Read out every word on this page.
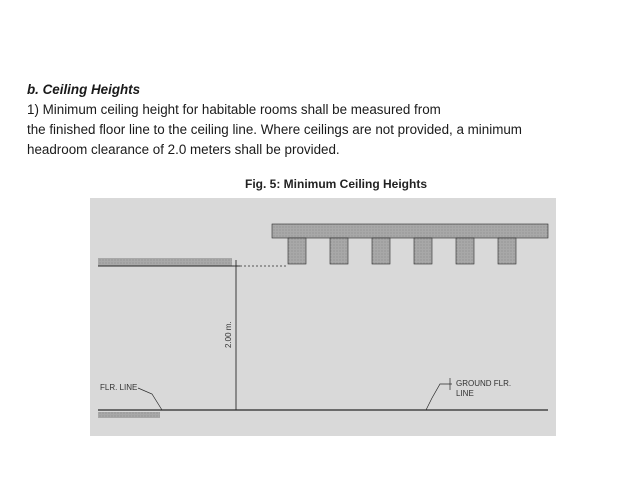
b. Ceiling Heights
1) Minimum ceiling height for habitable rooms shall be measured from
the finished floor line to the ceiling line. Where ceilings are not provided, a minimum
headroom clearance of 2.0 meters shall be provided.
Fig. 5: Minimum Ceiling Heights
2.00 m.
FLR. LINE	GROUND FLR.
LINE
